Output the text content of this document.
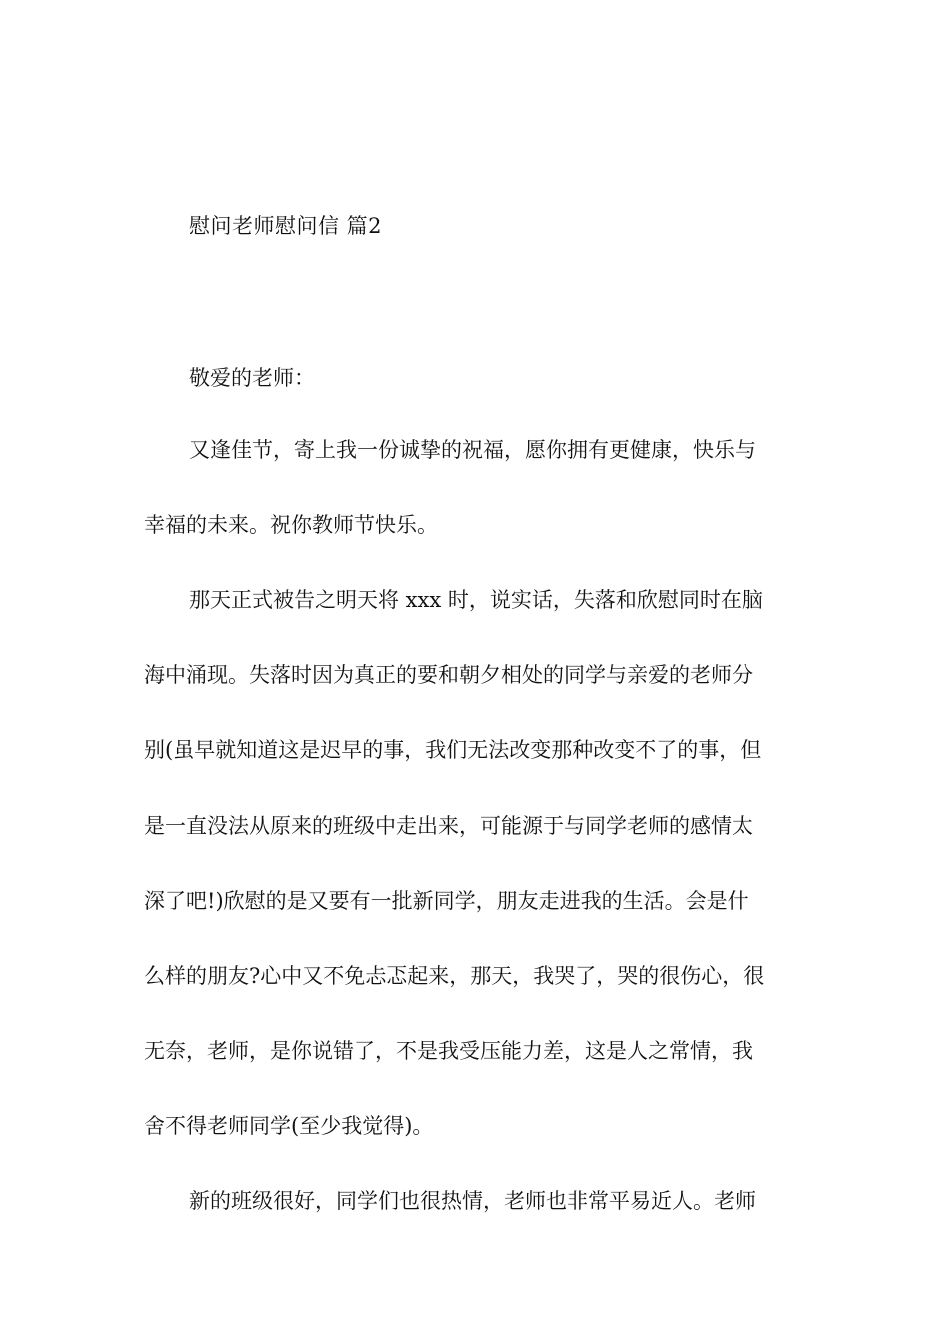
慰问老师慰问信 篇2
敬爱的老师：
又逢佳节，寄上我一份诚挚的祝福，愿你拥有更健康，快乐与
幸福的未来。祝你教师节快乐。
那天正式被告之明天将 xxx 时，说实话，失落和欣慰同时在脑
海中涌现。失落时因为真正的要和朝夕相处的同学与亲爱的老师分
别(虽早就知道这是迟早的事，我们无法改变那种改变不了的事，但
是一直没法从原来的班级中走出来，可能源于与同学老师的感情太
深了吧!)欣慰的是又要有一批新同学，朋友走进我的生活。会是什
么样的朋友?心中又不免忐忑起来，那天，我哭了，哭的很伤心，很
无奈，老师，是你说错了，不是我受压能力差，这是人之常情，我
舍不得老师同学(至少我觉得)。
新的班级很好，同学们也很热情，老师也非常平易近人。老师
